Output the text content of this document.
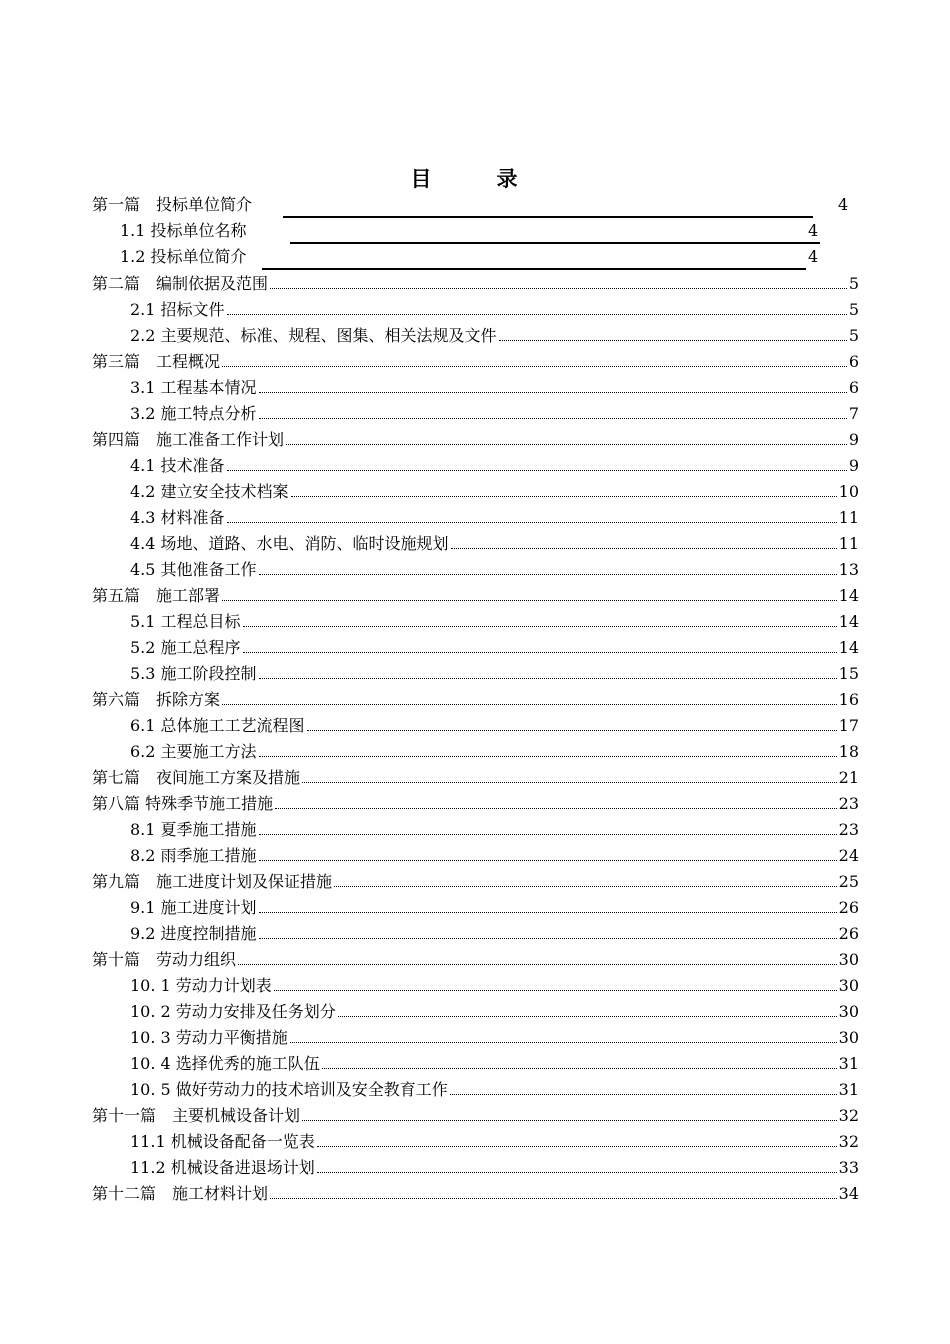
目　录
第一篇　投标单位简介	4
1.1 投标单位名称	4
1.2 投标单位简介	4
第二篇　编制依据及范围	5
2.1 招标文件	5
2.2 主要规范、标准、规程、图集、相关法规及文件	5
第三篇　工程概况	6
3.1 工程基本情况	6
3.2 施工特点分析	7
第四篇　施工准备工作计划	9
4.1 技术准备	9
4.2 建立安全技术档案	10
4.3 材料准备	11
4.4 场地、道路、水电、消防、临时设施规划	11
4.5 其他准备工作	13
第五篇　施工部署	14
5.1 工程总目标	14
5.2 施工总程序	14
5.3 施工阶段控制	15
第六篇　拆除方案	16
6.1 总体施工工艺流程图	17
6.2 主要施工方法	18
第七篇　夜间施工方案及措施	21
第八篇 特殊季节施工措施	23
8.1 夏季施工措施	23
8.2 雨季施工措施	24
第九篇　施工进度计划及保证措施	25
9.1 施工进度计划	26
9.2 进度控制措施	26
第十篇　劳动力组织	30
10. 1 劳动力计划表	30
10. 2 劳动力安排及任务划分	30
10. 3 劳动力平衡措施	30
10. 4 选择优秀的施工队伍	31
10. 5 做好劳动力的技术培训及安全教育工作	31
第十一篇　主要机械设备计划	32
11.1 机械设备配备一览表	32
11.2 机械设备进退场计划	33
第十二篇　施工材料计划	34
